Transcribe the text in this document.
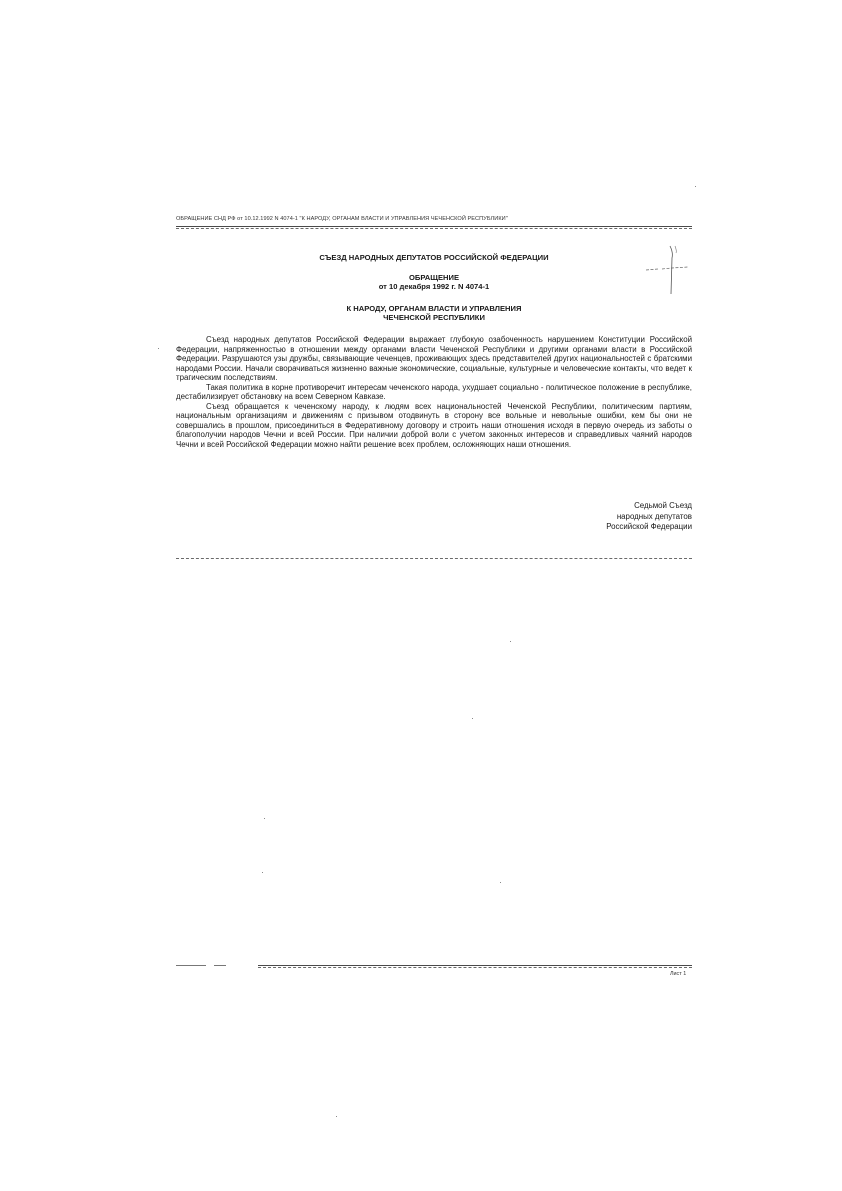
ОБРАЩЕНИЕ СНД РФ от 10.12.1992 N 4074-1 "К НАРОДУ, ОРГАНАМ ВЛАСТИ И УПРАВЛЕНИЯ ЧЕЧЕНСКОЙ РЕСПУБЛИКИ"
СЪЕЗД НАРОДНЫХ ДЕПУТАТОВ РОССИЙСКОЙ ФЕДЕРАЦИИ
ОБРАЩЕНИЕ
от 10 декабря 1992 г. N 4074-1
К НАРОДУ, ОРГАНАМ ВЛАСТИ И УПРАВЛЕНИЯ
ЧЕЧЕНСКОЙ РЕСПУБЛИКИ

Съезд народных депутатов Российской Федерации выражает глубокую озабоченность нарушением Конституции Российской Федерации, напряженностью в отношении между органами власти Чеченской Республики и другими органами власти в Российской Федерации. Разрушаются узы дружбы, связывающие чеченцев, проживающих здесь представителей других национальностей с братскими народами России. Начали сворачиваться жизненно важные экономические, социальные, культурные и человеческие контакты, что ведет к трагическим последствиям.

Такая политика в корне противоречит интересам чеченского народа, ухудшает социально - политическое положение в республике, дестабилизирует обстановку на всем Северном Кавказе.

Съезд обращается к чеченскому народу, к людям всех национальностей Чеченской Республики, политическим партиям, национальным организациям и движениям с призывом отодвинуть в сторону все вольные и невольные ошибки, кем бы они не совершались в прошлом, присоединиться в Федеративному договору и строить наши отношения исходя в первую очередь из заботы о благополучии народов Чечни и всей России. При наличии доброй воли с учетом законных интересов и справедливых чаяний народов Чечни и всей Российской Федерации можно найти решение всех проблем, осложняющих наши отношения.

Седьмой Съезд
народных депутатов
Российской Федерации
Лист 1
